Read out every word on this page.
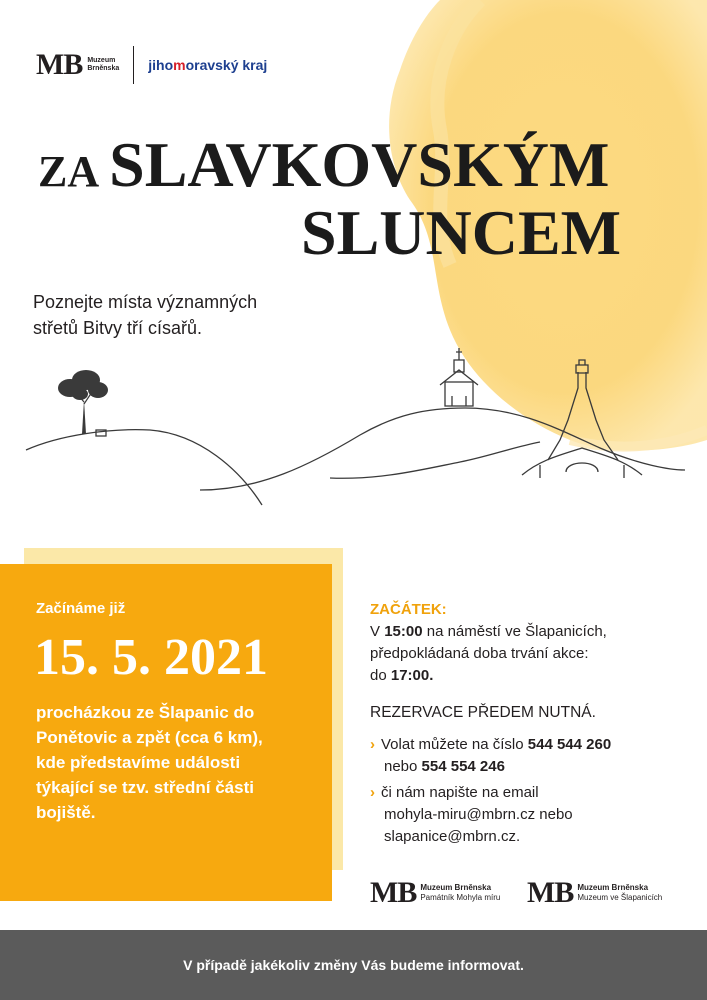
MB Muzeum
Brněnska jihomoravský kraj
ZA SLAVKOVSKÝM
SLUNCEM
Poznejte místa významných
střetů Bitvy tří císařů.
Začínáme již
15. 5. 2021
procházkou ze Šlapanic do
Ponětovic a zpět (cca 6 km),
kde představíme události
týkající se tzv. střední části
bojiště.
ZAČÁTEK:
V 15:00 na náměstí ve Šlapanicích,
předpokládaná doba trvání akce:
do 17:00.
REZERVACE PŘEDEM NUTNÁ.
› Volat můžete na číslo 544 544 260
nebo 554 554 246
› či nám napište na email
mohyla-miru@mbrn.cz nebo
slapanice@mbrn.cz.
MB Muzeum Brněnska
Památník Mohyla míru MB Muzeum Brněnska
Muzeum ve Šlapanicích
V případě jakékoliv změny Vás budeme informovat.
